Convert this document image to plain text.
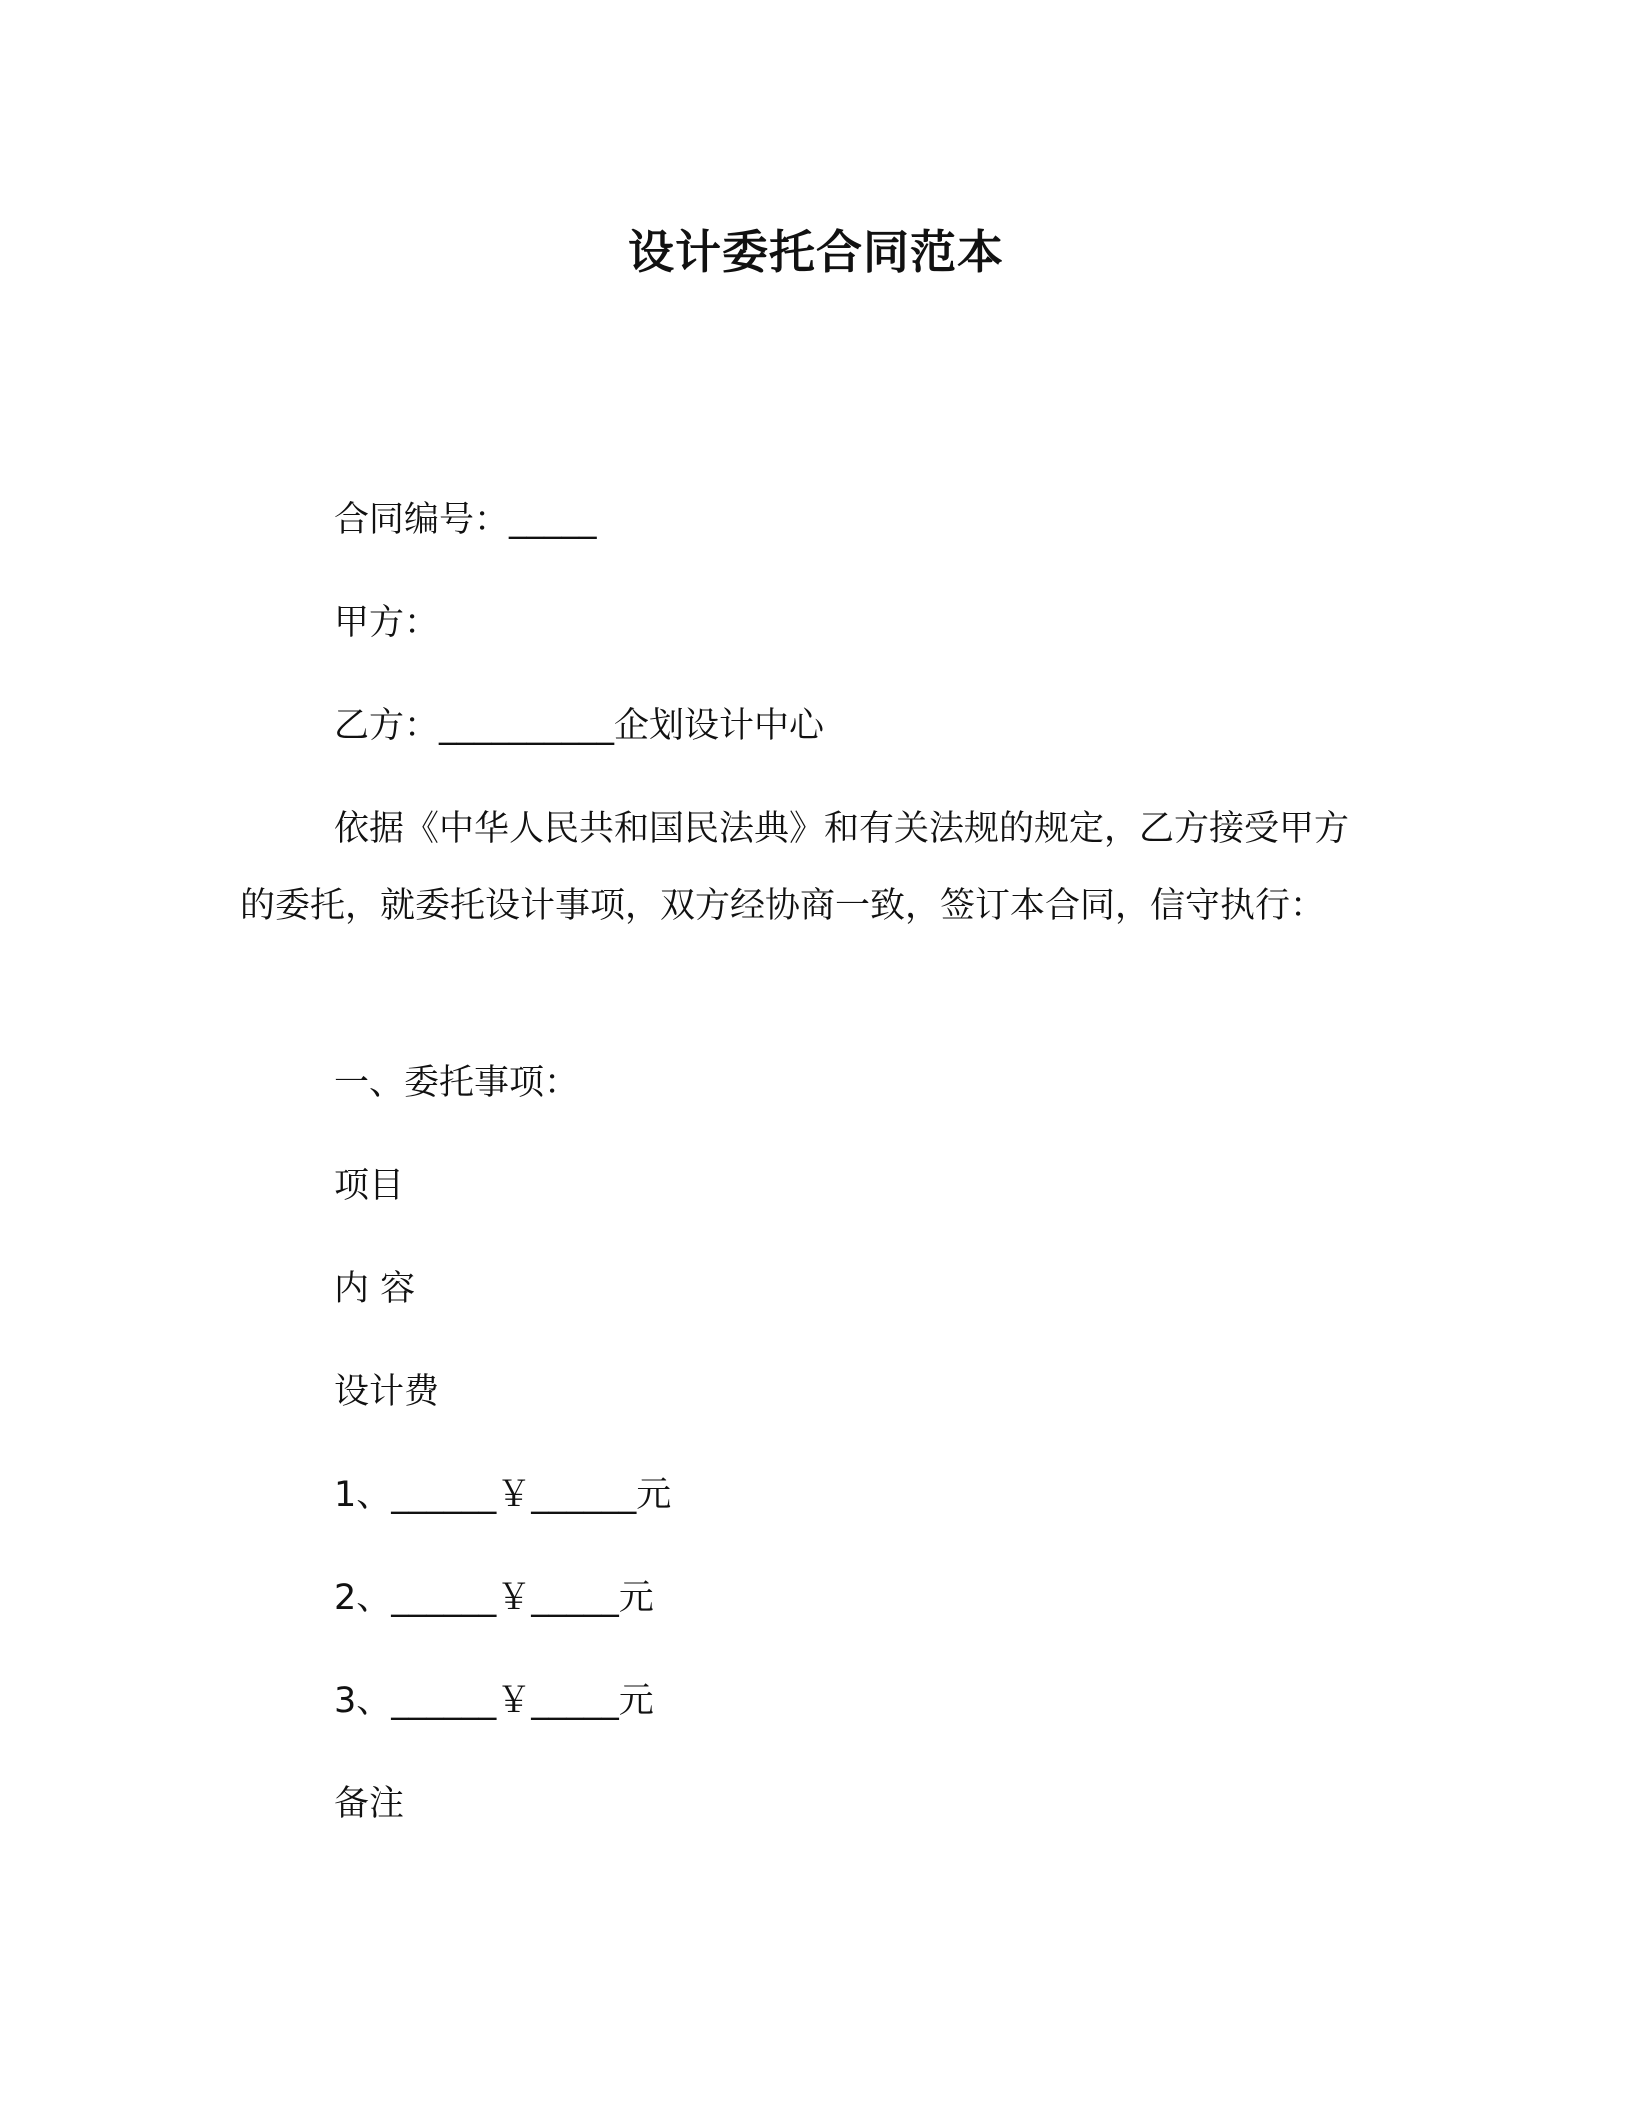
设计委托合同范本
合同编号：_____
甲方：
乙方：__________企划设计中心

依据《中华人民共和国民法典》和有关法规的规定，乙方接受甲方的委托，就委托设计事项，双方经协商一致，签订本合同，信守执行：

一、委托事项：
项目
内 容
设计费
1、______￥______元
2、______￥_____元
3、______￥_____元
备注
